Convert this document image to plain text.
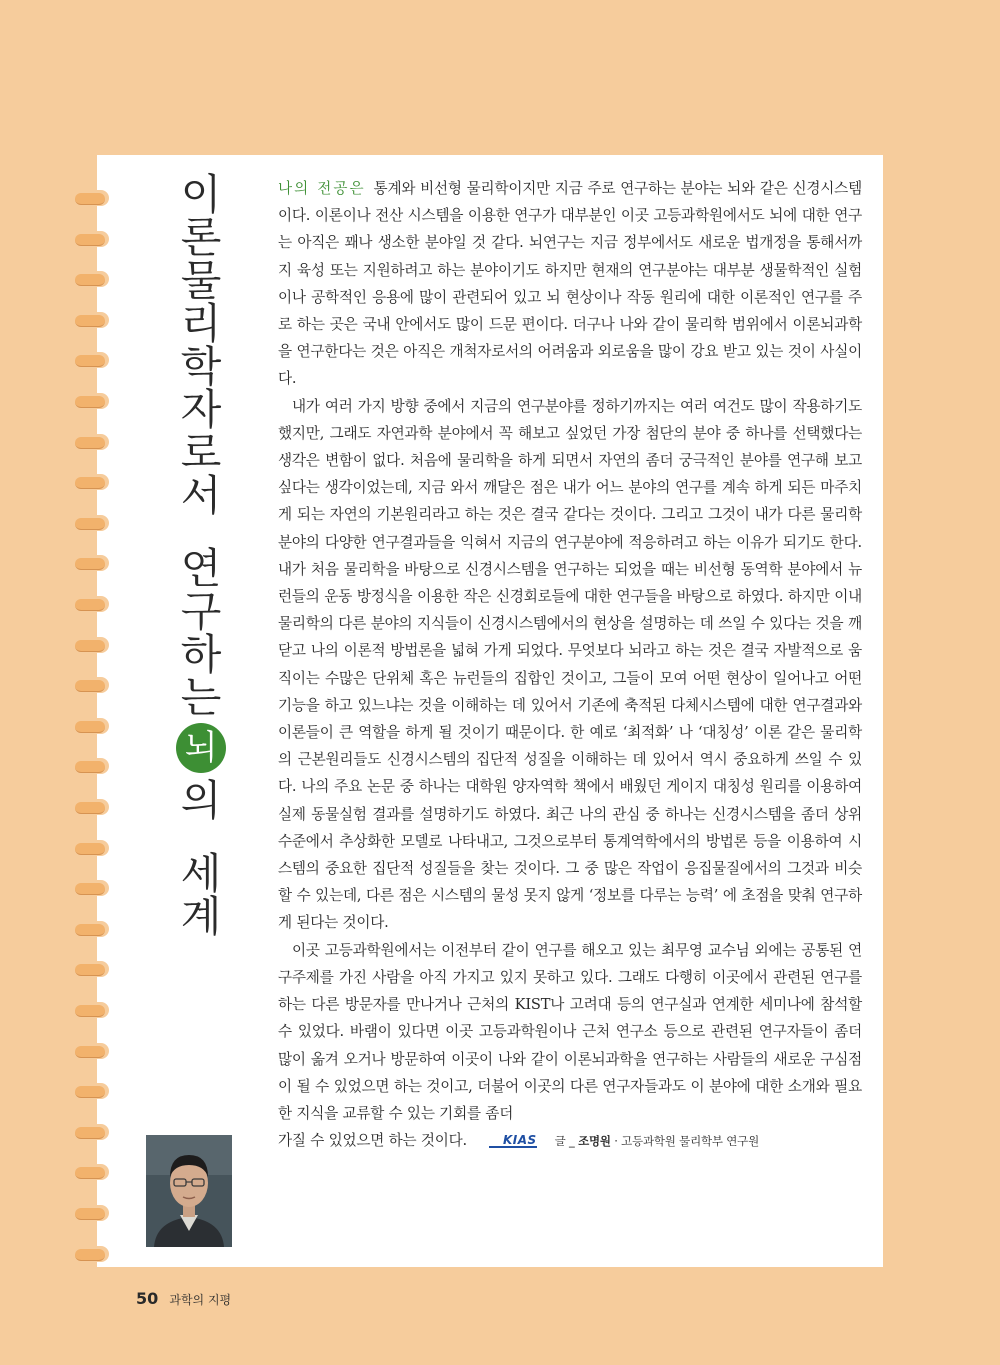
이
론
물
리
학
자
로
서
연
구
하
는
뇌
의
세
계

나의 전공은 통계와 비선형 물리학이지만 지금 주로 연구하는 분야는 뇌와 같은 신경시스템이다. 이론이나 전산 시스템을 이용한 연구가 대부분인 이곳 고등과학원에서도 뇌에 대한 연구는 아직은 꽤나 생소한 분야일 것 같다. 뇌연구는 지금 정부에서도 새로운 법개정을 통해서까지 육성 또는 지원하려고 하는 분야이기도 하지만 현재의 연구분야는 대부분 생물학적인 실험이나 공학적인 응용에 많이 관련되어 있고 뇌 현상이나 작동 원리에 대한 이론적인 연구를 주로 하는 곳은 국내 안에서도 많이 드문 편이다. 더구나 나와 같이 물리학 범위에서 이론뇌과학을 연구한다는 것은 아직은 개척자로서의 어려움과 외로움을 많이 강요 받고 있는 것이 사실이다.

내가 여러 가지 방향 중에서 지금의 연구분야를 정하기까지는 여러 여건도 많이 작용하기도 했지만, 그래도 자연과학 분야에서 꼭 해보고 싶었던 가장 첨단의 분야 중 하나를 선택했다는 생각은 변함이 없다. 처음에 물리학을 하게 되면서 자연의 좀더 궁극적인 분야를 연구해 보고 싶다는 생각이었는데, 지금 와서 깨달은 점은 내가 어느 분야의 연구를 계속 하게 되든 마주치게 되는 자연의 기본원리라고 하는 것은 결국 같다는 것이다. 그리고 그것이 내가 다른 물리학 분야의 다양한 연구결과들을 익혀서 지금의 연구분야에 적응하려고 하는 이유가 되기도 한다. 내가 처음 물리학을 바탕으로 신경시스템을 연구하는 되었을 때는 비선형 동역학 분야에서 뉴런들의 운동 방정식을 이용한 작은 신경회로들에 대한 연구들을 바탕으로 하였다. 하지만 이내 물리학의 다른 분야의 지식들이 신경시스템에서의 현상을 설명하는 데 쓰일 수 있다는 것을 깨닫고 나의 이론적 방법론을 넓혀 가게 되었다. 무엇보다 뇌라고 하는 것은 결국 자발적으로 움직이는 수많은 단위체 혹은 뉴런들의 집합인 것이고, 그들이 모여 어떤 현상이 일어나고 어떤 기능을 하고 있느냐는 것을 이해하는 데 있어서 기존에 축적된 다체시스템에 대한 연구결과와 이론들이 큰 역할을 하게 될 것이기 때문이다. 한 예로 ‘최적화’ 나 ‘대칭성’ 이론 같은 물리학의 근본원리들도 신경시스템의 집단적 성질을 이해하는 데 있어서 역시 중요하게 쓰일 수 있다. 나의 주요 논문 중 하나는 대학원 양자역학 책에서 배웠던 게이지 대칭성 원리를 이용하여 실제 동물실험 결과를 설명하기도 하였다. 최근 나의 관심 중 하나는 신경시스템을 좀더 상위 수준에서 추상화한 모델로 나타내고, 그것으로부터 통계역학에서의 방법론 등을 이용하여 시스템의 중요한 집단적 성질들을 찾는 것이다. 그 중 많은 작업이 응집물질에서의 그것과 비슷할 수 있는데, 다른 점은 시스템의 물성 못지 않게 ‘정보를 다루는 능력’ 에 초점을 맞춰 연구하게 된다는 것이다.

이곳 고등과학원에서는 이전부터 같이 연구를 해오고 있는 최무영 교수님 외에는 공통된 연구주제를 가진 사람을 아직 가지고 있지 못하고 있다. 그래도 다행히 이곳에서 관련된 연구를 하는 다른 방문자를 만나거나 근처의 KIST나 고려대 등의 연구실과 연계한 세미나에 참석할 수 있었다. 바램이 있다면 이곳 고등과학원이나 근처 연구소 등으로 관련된 연구자들이 좀더 많이 옮겨 오거나 방문하여 이곳이 나와 같이 이론뇌과학을 연구하는 사람들의 새로운 구심점이 될 수 있었으면 하는 것이고, 더불어 이곳의 다른 연구자들과도 이 분야에 대한 소개와 필요한 지식을 교류할 수 있는 기회를 좀더
가질 수 있었으면 하는 것이다.	KIAS 글 _ 조명원 · 고등과학원 물리학부 연구원

50 과학의 지평
